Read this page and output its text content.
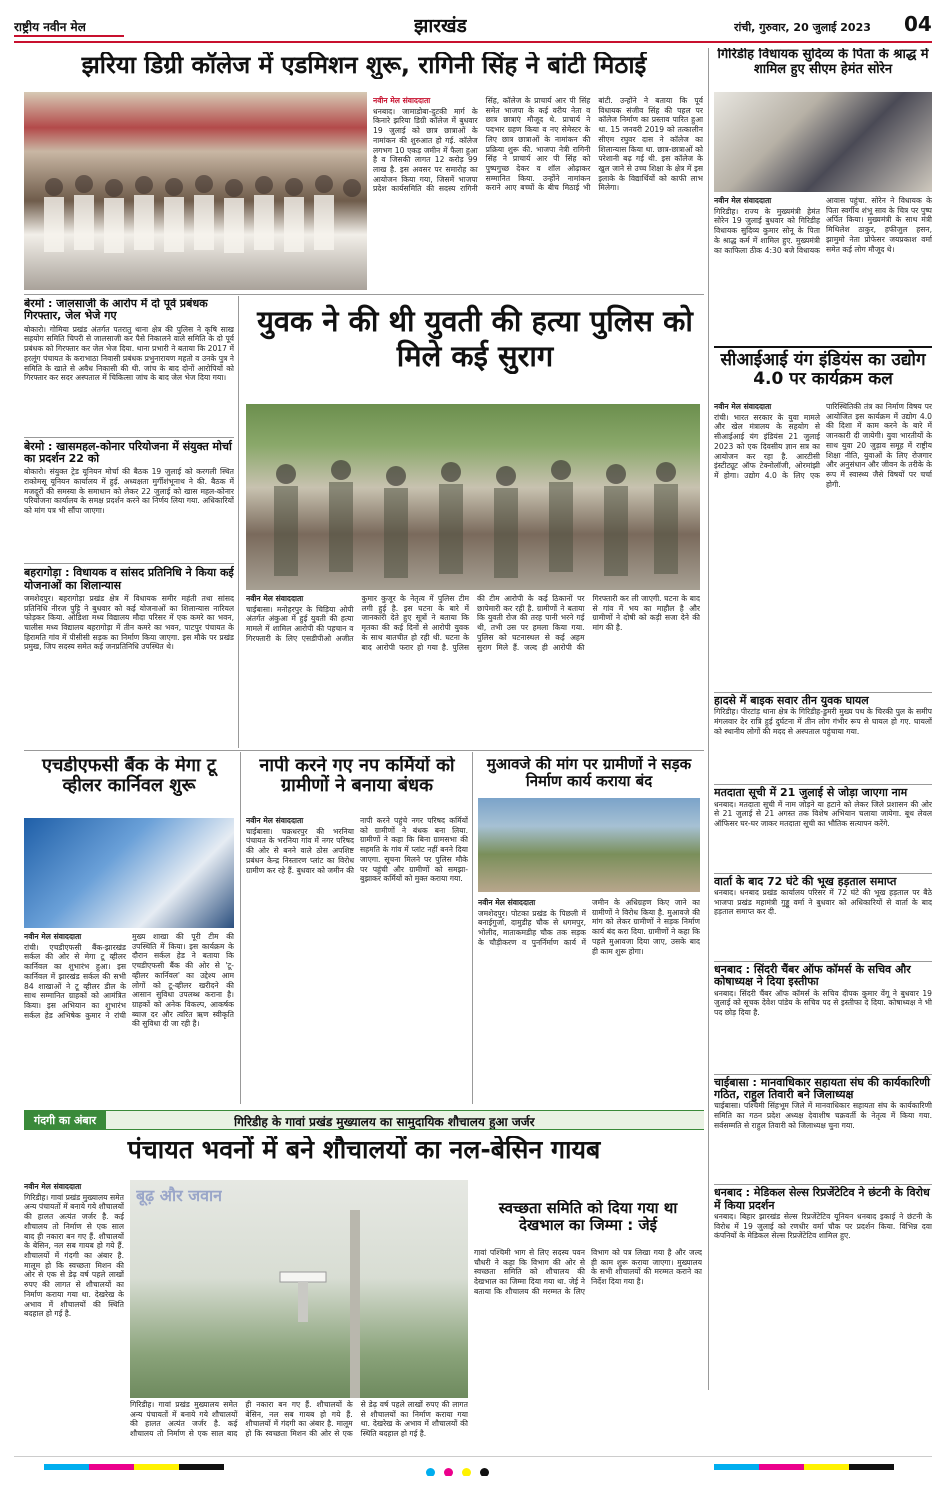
राष्ट्रीय नवीन मेल	झारखंड	रांची, गुरुवार, 20 जुलाई 2023 04
झरिया डिग्री कॉलेज में एडमिशन शुरू, रागिनी सिंह ने बांटी मिठाई
नवीन मेल संवाददाता
धनबाद। जामाडोबा-दुटकी मार्ग के किनारे झरिया डिग्री कॉलेज में बुधवार 19 जुलाई को छात्र छात्राओं के नामांकन की शुरुआत हो गई. कॉलेज लगभग 10 एकड़ जमीन में फैला हुआ है व जिसकी लागत 12 करोड़ 99 लाख है. इस अवसर पर समारोह का आयोजन किया गया, जिसमें भाजपा प्रदेश कार्यसमिति की सदस्य रागिनी सिंह, कॉलेज के प्राचार्य आर पी सिंह समेत भाजपा के कई वरीय नेता व छात्र छात्राएं मौजूद थे. प्राचार्य ने पदभार ग्रहण किया व नए सेमेस्टर के लिए छात्र छात्राओं के नामांकन की प्रक्रिया शुरू की. भाजपा नेत्री रागिनी सिंह ने प्राचार्य आर पी सिंह को पुष्पगुच्छ देकर व शॉल ओढ़ाकर सम्मानित किया. उन्होंने नामांकन कराने आए बच्चों के बीच मिठाई भी बांटी. उन्होंने ने बताया कि पूर्व विधायक संजीव सिंह की पहल पर कॉलेज निर्माण का प्रस्ताव पारित हुआ था. 15 जनवरी 2019 को तत्कालीन सीएम रघुवर दास ने कॉलेज का शिलान्यास किया था. छात्र-छात्राओं को परेशानी बढ़ गई थी. इस कॉलेज के खुल जाने से उच्च शिक्षा के क्षेत्र में इस इलाके के विद्यार्थियों को काफी लाभ मिलेगा।
गिरिडीह विधायक सुदिव्य के पिता के श्राद्ध में शामिल हुए सीएम हेमंत सोरेन
नवीन मेल संवाददाता
गिरिडीह। राज्य के मुख्यमंत्री हेमंत सोरेन 19 जुलाई बुधवार को गिरिडीह विधायक सुदिव्य कुमार सोनू के पिता के श्राद्ध कर्म में शामिल हुए. मुख्यमंत्री का काफिला ठीक 4:30 बजे विधायक आवास पहुंचा. सोरेन ने विधायक के पिता स्वर्गीय शंभू साव के चित्र पर पुष्प अर्पित किया। मुख्यमंत्री के साथ मंत्री मिथिलेश ठाकुर, हफीजुल हसन, झामुमो नेता प्रोफेसर जयप्रकाश वर्मा समेत कई लोग मौजूद थे।
बेरमो : जालसाजी के आरोप में दो पूर्व प्रबंधक गिरफ्तार, जेल भेजे गए
बोकारो। गोमिया प्रखंड अंतर्गत पतरातु थाना क्षेत्र की पुलिस ने कृषि साख सहयोग समिति चिपरी से जालसाजी कर पैसे निकालने वाले समिति के दो पूर्व प्रबंधक को गिरफ्तार कर जेल भेज दिया. थाना प्रभारी ने बताया कि 2017 में हरलूंग पंचायत के कराभाठा निवासी प्रबंधक प्रभुनारायण महतो व उनके पुत्र ने समिति के खाते से अवैध निकासी की थी. जांच के बाद दोनों आरोपियों को गिरफ्तार कर सदर अस्पताल में चिकित्सा जांच के बाद जेल भेज दिया गया।
बेरमो : खासमहल-कोनार परियोजना में संयुक्त मोर्चा का प्रदर्शन 22 को
बोकारो। संयुक्त ट्रेड यूनियन मोर्चा की बैठक 19 जुलाई को करगली स्थित राकोमसू यूनियन कार्यालय में हुई. अध्यक्षता मुर्गीशंभूनाथ ने की. बैठक में मजदूरों की समस्या के समाधान को लेकर 22 जुलाई को खास महल-कोनार परियोजना कार्यालय के समक्ष प्रदर्शन करने का निर्णय लिया गया. अधिकारियों को मांग पत्र भी सौंपा जाएगा।
बहरागोड़ा : विधायक व सांसद प्रतिनिधि ने किया कई योजनाओं का शिलान्यास
जमशेदपुर। बहरागोड़ा प्रखंड क्षेत्र में विधायक समीर महंती तथा सांसद प्रतिनिधि नीरज पुट्टि ने बुधवार को कई योजनाओं का शिलान्यास नारियल फोड़कर किया. ओडिशा मध्य विद्यालय मौदा परिसर में एक कमरे का भवन, चालीस मध्य विद्यालय बहरागोड़ा में तीन कमरे का भवन, पाटपुर पंचायत के हिरामति गांव में पीसीसी सड़क का निर्माण किया जाएगा. इस मौके पर प्रखंड प्रमुख, जिप सदस्य समेत कई जनप्रतिनिधि उपस्थित थे।
युवक ने की थी युवती की हत्या पुलिस को मिले कई सुराग
नवीन मेल संवाददाता
चाईबासा। मनोहरपुर के चिड़िया ओपी अंतर्गत अंकुआ में हुई युवती की हत्या मामले में शामिल आरोपी की पहचान व गिरफ्तारी के लिए एसडीपीओ अजीत कुमार कुजूर के नेतृत्व में पुलिस टीम लगी हुई है. इस घटना के बारे में जानकारी देते हुए सूत्रों ने बताया कि मृतका की कई दिनों से आरोपी युवक के साथ बातचीत हो रही थी. घटना के बाद आरोपी फरार हो गया है. पुलिस की टीम आरोपी के कई ठिकानों पर छापेमारी कर रही है. ग्रामीणों ने बताया कि युवती रोज की तरह पानी भरने गई थी, तभी उस पर हमला किया गया. पुलिस को घटनास्थल से कई अहम सुराग मिले हैं. जल्द ही आरोपी की गिरफ्तारी कर ली जाएगी. घटना के बाद से गांव में भय का माहौल है और ग्रामीणों ने दोषी को कड़ी सजा देने की मांग की है.
सीआईआई यंग इंडियंस का उद्योग 4.0 पर कार्यक्रम कल
नवीन मेल संवाददाता
रांची। भारत सरकार के युवा मामले और खेल मंत्रालय के सहयोग से सीआईआई यंग इंडियंस 21 जुलाई 2023 को एक दिवसीय ज्ञान सत्र का आयोजन कर रहा है. आरटीसी इंस्टीट्यूट ऑफ टेक्नोलॉजी, ओरमांझी में होगा। उद्योग 4.0 के लिए एक पारिस्थितिकी तंत्र का निर्माण विषय पर आयोजित इस कार्यक्रम में उद्योग 4.0 की दिशा में काम करने के बारे में जानकारी दी जायेगी। युवा भारतीयों के साथ युवा 20 जुड़ाव समूह में राष्ट्रीय शिक्षा नीति, युवाओं के लिए रोजगार और अनुसंधान और जीवन के तरीके के रूप में स्वास्थ्य जैसे विषयों पर चर्चा होगी.
एचडीएफसी बैंक के मेगा टू व्हीलर कार्निवल शुरू
नवीन मेल संवाददाता
रांची। एचडीएफसी बैंक-झारखंड सर्कल की ओर से मेगा टू व्हीलर कार्निवल का शुभारंभ हुआ। इस कार्निवल में झारखंड सर्कल की सभी 84 शाखाओं ने टू व्हीलर डील के साथ सम्मानित ग्राहकों को आमंत्रित किया। इस अभियान का शुभारंभ सर्कल हेड अभिषेक कुमार ने रांची मुख्य शाखा की पूरी टीम की उपस्थिति में किया। इस कार्यक्रम के दौरान सर्कल हेड ने बताया कि एचडीएफसी बैंक की ओर से 'टू-व्हीलर कार्निवल' का उद्देश्य आम लोगों को टू-व्हीलर खरीदने की आसान सुविधा उपलब्ध कराना है। ग्राहकों को अनेक विकल्प, आकर्षक ब्याज दर और त्वरित ऋण स्वीकृति की सुविधा दी जा रही है।
नापी करने गए नप कर्मियों को ग्रामीणों ने बनाया बंधक
नवीन मेल संवाददाता
चाईबासा। चक्रधरपुर की भरनिया पंचायत के भरनिया गांव में नगर परिषद की ओर से बनने वाले ठोस अपशिष्ट प्रबंधन केन्द्र निस्तारण प्लांट का विरोध ग्रामीण कर रहे हैं. बुधवार को जमीन की नापी करने पहुंचे नगर परिषद कर्मियों को ग्रामीणों ने बंधक बना लिया. ग्रामीणों ने कहा कि बिना ग्रामसभा की सहमति के गांव में प्लांट नहीं बनने दिया जाएगा. सूचना मिलने पर पुलिस मौके पर पहुंची और ग्रामीणों को समझा-बुझाकर कर्मियों को मुक्त कराया गया.
मुआवजे की मांग पर ग्रामीणों ने सड़क निर्माण कार्य कराया बंद
नवीन मेल संवाददाता
जमशेदपुर। पोटका प्रखंड के पिछली में बनाईगुर्जा, दामुडीह चौक से धगमपुर, भोलीद, माताकमडीह चौक तक सड़क के चौड़ीकरण व पुनर्निर्माण कार्य में जमीन के अधिग्रहण किए जाने का ग्रामीणों ने विरोध किया है. मुआवजे की मांग को लेकर ग्रामीणों ने सड़क निर्माण कार्य बंद करा दिया. ग्रामीणों ने कहा कि पहले मुआवजा दिया जाए, उसके बाद ही काम शुरू होगा।
हादसे में बाइक सवार तीन युवक घायल
गिरिडीह। पीरटांड़ थाना क्षेत्र के गिरिडीह-डुमरी मुख्य पथ के चिरकी पुल के समीप मंगलवार देर रात्रि हुई दुर्घटना में तीन लोग गंभीर रूप से घायल हो गए. घायलों को स्थानीय लोगों की मदद से अस्पताल पहुंचाया गया.
मतदाता सूची में 21 जुलाई से जोड़ा जाएगा नाम
धनबाद। मतदाता सूची में नाम जोड़ने या हटाने को लेकर जिले प्रशासन की ओर से 21 जुलाई से 21 अगस्त तक विशेष अभियान चलाया जायेगा. बूथ लेवल ऑफिसर घर-घर जाकर मतदाता सूची का भौतिक सत्यापन करेंगे.
वार्ता के बाद 72 घंटे की भूख हड़ताल समाप्त
धनबाद। धनबाद प्रखंड कार्यालय परिसर में 72 घंटे की भूख हड़ताल पर बैठे भाजपा प्रखंड महामंत्री गुड्डू वर्मा ने बुधवार को अधिकारियों से वार्ता के बाद हड़ताल समाप्त कर दी.
धनबाद : सिंदरी चैंबर ऑफ कॉमर्स के सचिव और कोषाध्यक्ष ने दिया इस्तीफा
धनबाद। सिंदरी चैंबर ऑफ कॉमर्स के सचिव दीपक कुमार वेंगू ने बुधवार 19 जुलाई को सूचक देवेश पांडेय के सचिव पद से इस्तीफा दे दिया. कोषाध्यक्ष ने भी पद छोड़ दिया है.
चाईबासा : मानवाधिकार सहायता संघ की कार्यकारिणी गठित, राहुल तिवारी बने जिलाध्यक्ष
चाईबासा। पश्चिमी सिंहभूम जिले में मानवाधिकार सहायता संघ के कार्यकारिणी समिति का गठन प्रदेश अध्यक्ष देवाशीष चक्रवर्ती के नेतृत्व में किया गया. सर्वसम्मति से राहुल तिवारी को जिलाध्यक्ष चुना गया.
धनबाद : मेडिकल सेल्स रिप्रजेंटेटिव ने छंटनी के विरोध में किया प्रदर्शन
धनबाद। बिहार झारखंड सेल्स रिप्रजेंटेटिव यूनियन धनबाद इकाई ने छंटनी के विरोध में 19 जुलाई को रणधीर वर्मा चौक पर प्रदर्शन किया. विभिन्न दवा कंपनियों के मेडिकल सेल्स रिप्रजेंटेटिव शामिल हुए.
गंदगी का अंबार	गिरिडीह के गावां प्रखंड मुख्यालय का सामुदायिक शौचालय हुआ जर्जर
पंचायत भवनों में बने शौचालयों का नल-बेसिन गायब
नवीन मेल संवाददाता
गिरिडीह। गावां प्रखंड मुख्यालय समेत अन्य पंचायतों में बनाये गये शौचालयों की हालत अत्यंत जर्जर है. कई शौचालय तो निर्माण से एक साल बाद ही नकारा बन गए हैं. शौचालयों के बेसिन, नल सब गायब हो गये हैं. शौचालयों में गंदगी का अंबार है. मालूम हो कि स्वच्छता मिशन की ओर से एक से डेढ़ वर्ष पहले लाखों रुपए की लागत से शौचालयों का निर्माण कराया गया था. देखरेख के अभाव में शौचालयों की स्थिति बदहाल हो गई है.
बूढ़ और जवान
गिरिडीह। गावां प्रखंड मुख्यालय समेत अन्य पंचायतों में बनाये गये शौचालयों की हालत अत्यंत जर्जर है. कई शौचालय तो निर्माण से एक साल बाद ही नकारा बन गए हैं. शौचालयों के बेसिन, नल सब गायब हो गये हैं. शौचालयों में गंदगी का अंबार है. मालूम हो कि स्वच्छता मिशन की ओर से एक से डेढ़ वर्ष पहले लाखों रुपए की लागत से शौचालयों का निर्माण कराया गया था. देखरेख के अभाव में शौचालयों की स्थिति बदहाल हो गई है.
स्वच्छता समिति को दिया गया था देखभाल का जिम्मा : जेई
गावां पश्चिमी भाग से लिए सदस्य पवन चौधरी ने कहा कि विभाग की ओर से स्वच्छता समिति को शौचालय की देखभाल का जिम्मा दिया गया था. जेई ने बताया कि शौचालय की मरम्मत के लिए विभाग को पत्र लिखा गया है और जल्द ही काम शुरू कराया जाएगा। मुख्यालय के सभी शौचालयों की मरम्मत कराने का निर्देश दिया गया है।
